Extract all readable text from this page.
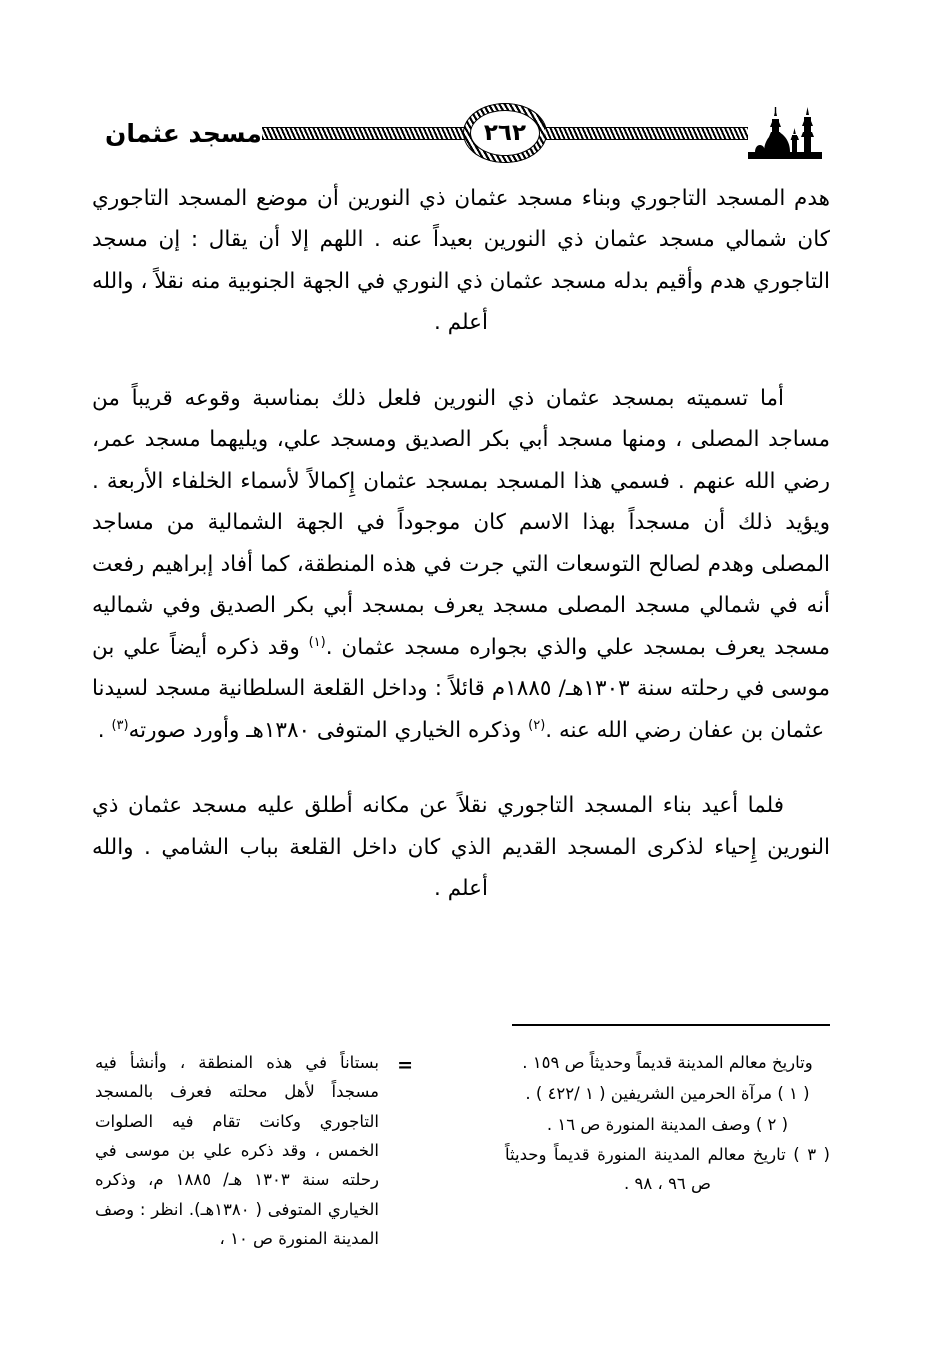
مسجد عثمان	٢٦٢

هدم المسجد التاجوري وبناء مسجد عثمان ذي النورين أن موضع المسجد التاجوري كان شمالي مسجد عثمان ذي النورين بعيداً عنه . اللهم إلا أن يقال : إن مسجد التاجوري هدم وأقيم بدله مسجد عثمان ذي النوري في الجهة الجنوبية منه نقلاً ، والله أعلم .

أما تسميته بمسجد عثمان ذي النورين فلعل ذلك بمناسبة وقوعه قريباً من مساجد المصلى ، ومنها مسجد أبي بكر الصديق ومسجد علي، ويليهما مسجد عمر، رضي الله عنهم . فسمي هذا المسجد بمسجد عثمان إِكمالاً لأسماء الخلفاء الأربعة . ويؤيد ذلك أن مسجداً بهذا الاسم كان موجوداً في الجهة الشمالية من مساجد المصلى وهدم لصالح التوسعات التي جرت في هذه المنطقة، كما أفاد إبراهيم رفعت أنه في شمالي مسجد المصلى مسجد يعرف بمسجد أبي بكر الصديق وفي شماليه مسجد يعرف بمسجد علي والذي بجواره مسجد عثمان .$^{(١)}$ وقد ذكره أيضاً علي بن موسى في رحلته سنة ١٣٠٣هـ/ ١٨٨٥م قائلاً : وداخل القلعة السلطانية مسجد لسيدنا عثمان بن عفان رضي الله عنه .$^{(٢)}$ وذكره الخياري المتوفى ١٣٨٠هـ وأورد صورته$^{(٣)}$ .

فلما أعيد بناء المسجد التاجوري نقلاً عن مكانه أطلق عليه مسجد عثمان ذي النورين إِحياء لذكرى المسجد القديم الذي كان داخل القلعة بباب الشامي . والله أعلم .

وتاريخ معالم المدينة قديماً وحديثاً ص ١٥٩ .
( ١ ) مرآة الحرمين الشريفين ( ١ /٤٢٢ ) .
( ٢ ) وصف المدينة المنورة ص ١٦ .
( ٣ ) تاريخ معالم المدينة المنورة قديماً وحديثاً ص ٩٦ ، ٩٨ .
=
بستاناً في هذه المنطقة ، وأنشأ فيه مسجداً لأهل محلته فعرف بالمسجد التاجوري وكانت تقام فيه الصلوات الخمس ، وقد ذكره علي بن موسى في رحلته سنة ١٣٠٣ هـ/ ١٨٨٥ م، وذكره الخياري المتوفى ( ١٣٨٠هـ). انظر : وصف المدينة المنورة ص ١٠ ،
